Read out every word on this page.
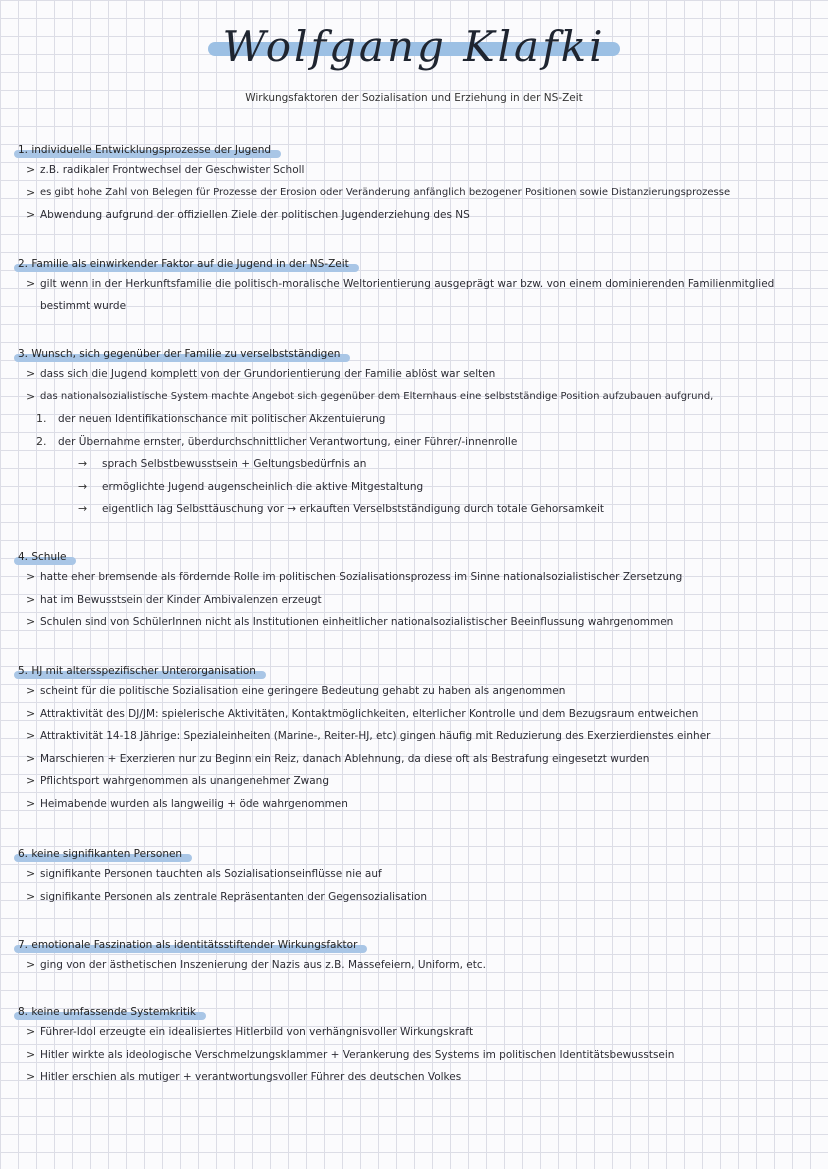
Wolfgang Klafki
Wirkungsfaktoren der Sozialisation und Erziehung in der NS-Zeit
1. individuelle Entwicklungsprozesse der Jugend
> z.B. radikaler Frontwechsel der Geschwister Scholl
> es gibt hohe Zahl von Belegen für Prozesse der Erosion oder Veränderung anfänglich bezogener Positionen sowie Distanzierungsprozesse
> Abwendung aufgrund der offiziellen Ziele der politischen Jugenderziehung des NS
2. Familie als einwirkender Faktor auf die Jugend in der NS-Zeit
> gilt wenn in der Herkunftsfamilie die politisch-moralische Weltorientierung ausgeprägt war bzw. von einem dominierenden Familienmitglied bestimmt wurde
3. Wunsch, sich gegenüber der Familie zu verselbstständigen
> dass sich die Jugend komplett von der Grundorientierung der Familie ablöst war selten
> das nationalsozialistische System machte Angebot sich gegenüber dem Elternhaus eine selbstständige Position aufzubauen aufgrund,
1. der neuen Identifikationschance mit politischer Akzentuierung
2. der Übernahme ernster, überdurchschnittlicher Verantwortung, einer Führer/-innenrolle
→ sprach Selbstbewusstsein + Geltungsbedürfnis an
→ ermöglichte Jugend augenscheinlich die aktive Mitgestaltung
→ eigentlich lag Selbsttäuschung vor → erkauften Verselbstständigung durch totale Gehorsamkeit
4. Schule
> hatte eher bremsende als fördernde Rolle im politischen Sozialisationsprozess im Sinne nationalsozialistischer Zersetzung
> hat im Bewusstsein der Kinder Ambivalenzen erzeugt
> Schulen sind von SchülerInnen nicht als Institutionen einheitlicher nationalsozialistischer Beeinflussung wahrgenommen
5. HJ mit altersspezifischer Unterorganisation
> scheint für die politische Sozialisation eine geringere Bedeutung gehabt zu haben als angenommen
> Attraktivität des DJ/JM: spielerische Aktivitäten, Kontaktmöglichkeiten, elterlicher Kontrolle und dem Bezugsraum entweichen
> Attraktivität 14-18 Jährige: Spezialeinheiten (Marine-, Reiter-HJ, etc) gingen häufig mit Reduzierung des Exerzierdienstes einher
> Marschieren + Exerzieren nur zu Beginn ein Reiz, danach Ablehnung, da diese oft als Bestrafung eingesetzt wurden
> Pflichtsport wahrgenommen als unangenehmer Zwang
> Heimabende wurden als langweilig + öde wahrgenommen
6. keine signifikanten Personen
> signifikante Personen tauchten als Sozialisationseinflüsse nie auf
> signifikante Personen als zentrale Repräsentanten der Gegensozialisation
7. emotionale Faszination als identitätsstiftender Wirkungsfaktor
> ging von der ästhetischen Inszenierung der Nazis aus z.B. Massefeiern, Uniform, etc.
8. keine umfassende Systemkritik
> Führer-Idol erzeugte ein idealisiertes Hitlerbild von verhängnisvoller Wirkungskraft
> Hitler wirkte als ideologische Verschmelzungsklammer + Verankerung des Systems im politischen Identitätsbewusstsein
> Hitler erschien als mutiger + verantwortungsvoller Führer des deutschen Volkes
